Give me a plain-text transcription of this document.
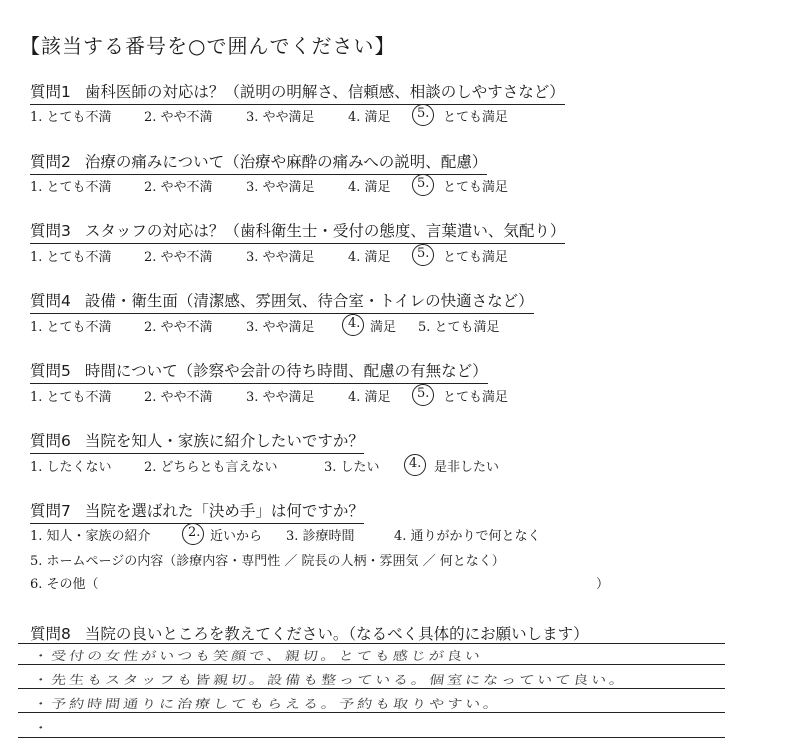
【該当する番号を○で囲んでください】
質問1 歯科医師の対応は？（説明の明解さ、信頼感、相談のしやすさなど）
1. とても不満 2. やや不満	3. やや満足	4. 満足 5. とても満足
質問2 治療の痛みについて（治療や麻酔の痛みへの説明、配慮）
1. とても不満 2. やや不満	3. やや満足	4. 満足 5. とても満足
質問3 スタッフの対応は？（歯科衛生士・受付の態度、言葉遣い、気配り）
1. とても不満 2. やや不満	3. やや満足	4. 満足 5. とても満足
質問4 設備・衛生面（清潔感、雰囲気、待合室・トイレの快適さなど）
1. とても不満 2. やや不満	3. やや満足	4. 満足 5. とても満足
質問5 時間について（診察や会計の待ち時間、配慮の有無など）
1. とても不満 2. やや不満	3. やや満足	4. 満足 5. とても満足
質問6 当院を知人・家族に紹介したいですか？
1. したくない 2. どちらとも言えない	3. したい 4. 是非したい
質問7 当院を選ばれた「決め手」は何ですか？
1. 知人・家族の紹介	2. 近いから 3. 診療時間	4. 通りがかりで何となく
5. ホームページの内容（診療内容・専門性 ／ 院長の人柄・雰囲気 ／ 何となく）
6. その他（	）
質問8 当院の良いところを教えてください。（なるべく具体的にお願いします）
・受付の女性がいつも笑顔で、親切。とても感じが良い
・先生もスタッフも皆親切。設備も整っている。個室になっていて良い。
・予約時間通りに治療してもらえる。予約も取りやすい。
・
